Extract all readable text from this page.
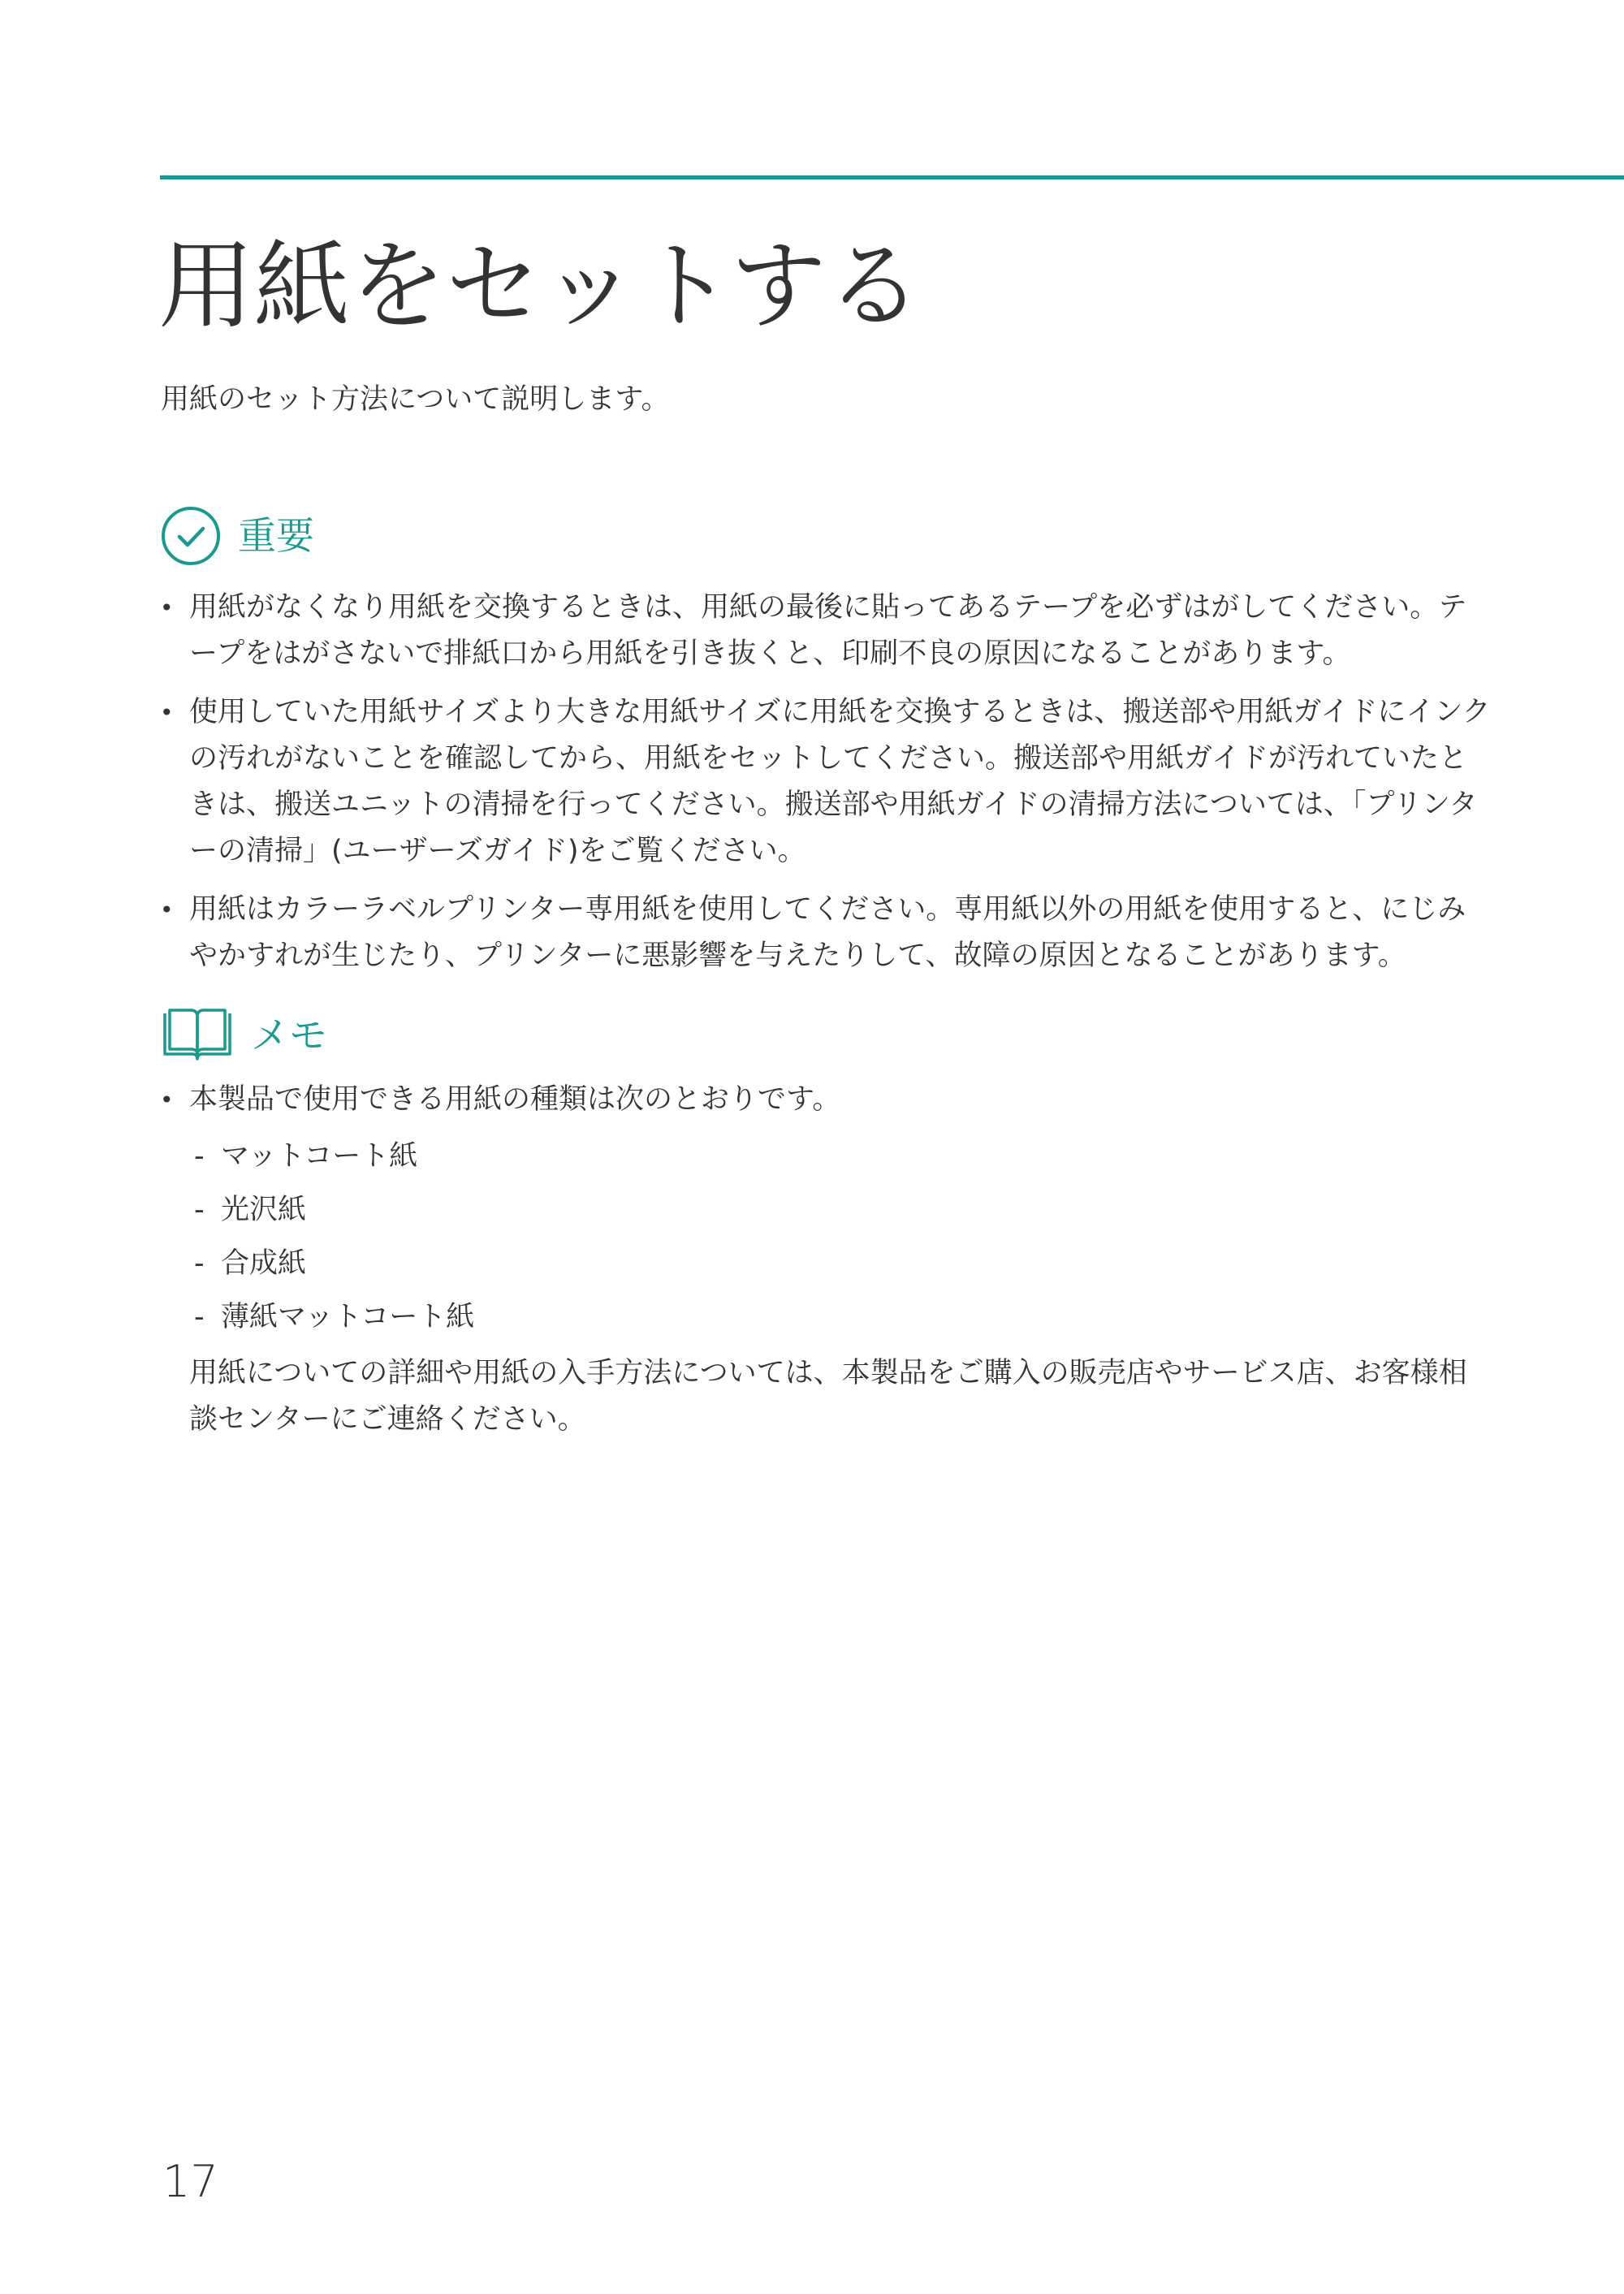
用紙をセットする

用紙のセット方法について説明します。

重要
• 用紙がなくなり用紙を交換するときは、用紙の最後に貼ってあるテープを必ずはがしてください。テープをはがさないで排紙口から用紙を引き抜くと、印刷不良の原因になることがあります。
• 使用していた用紙サイズより大きな用紙サイズに用紙を交換するときは、搬送部や用紙ガイドにインクの汚れがないことを確認してから、用紙をセットしてください。搬送部や用紙ガイドが汚れていたときは、搬送ユニットの清掃を行ってください。搬送部や用紙ガイドの清掃方法については、「プリンターの清掃」(ユーザーズガイド)をご覧ください。
• 用紙はカラーラベルプリンター専用紙を使用してください。専用紙以外の用紙を使用すると、にじみやかすれが生じたり、プリンターに悪影響を与えたりして、故障の原因となることがあります。
メモ
• 本製品で使用できる用紙の種類は次のとおりです。
- マットコート紙
- 光沢紙
- 合成紙
- 薄紙マットコート紙
用紙についての詳細や用紙の入手方法については、本製品をご購入の販売店やサービス店、お客様相談センターにご連絡ください。
17
